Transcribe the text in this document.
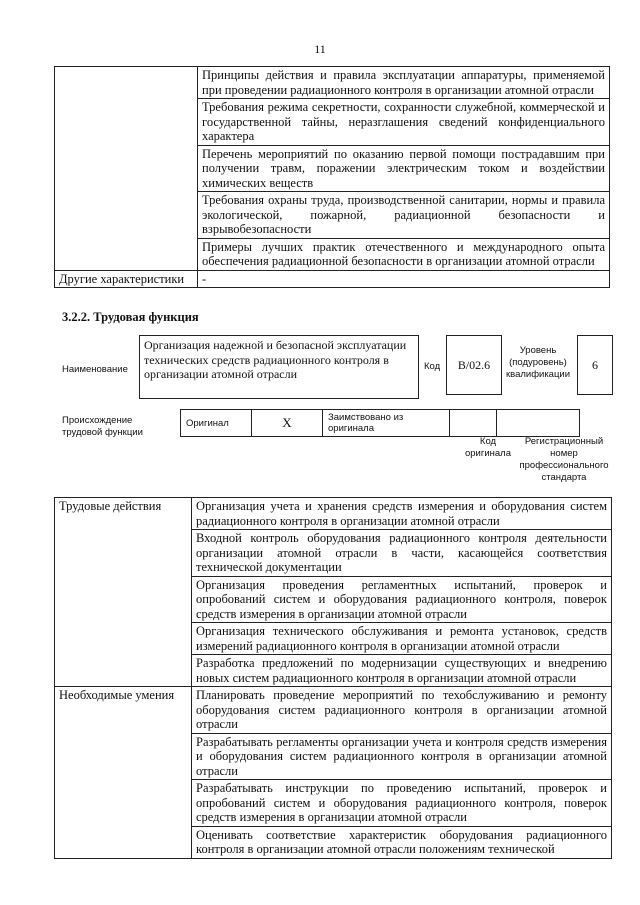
11
	Принципы действия и правила эксплуатации аппаратуры, применяемой при проведении радиационного контроля в организации атомной отрасли
	Требования режима секретности, сохранности служебной, коммерческой и государственной тайны, неразглашения сведений конфиденциального характера
	Перечень мероприятий по оказанию первой помощи пострадавшим при получении травм, поражении электрическим током и воздействии химических веществ
	Требования охраны труда, производственной санитарии, нормы и правила экологической, пожарной, радиационной безопасности и взрывобезопасности
	Примеры лучших практик отечественного и международного опыта обеспечения радиационной безопасности в организации атомной отрасли
Другие характеристики	-
3.2.2. Трудовая функция
Наименование
Организация надежной и безопасной эксплуатации технических средств радиационного контроля в организации атомной отрасли
Код B/02.6
Уровень (подуровень) квалификации
6
Происхождение трудовой функции
Оригинал	X	Заимствовано из оригинала		
Код оригинала
Регистрационный номер профессионального стандарта
Трудовые действия	Организация учета и хранения средств измерения и оборудования систем радиационного контроля в организации атомной отрасли
	Входной контроль оборудования радиационного контроля деятельности организации атомной отрасли в части, касающейся соответствия технической документации
	Организация проведения регламентных испытаний, проверок и опробований систем и оборудования радиационного контроля, поверок средств измерения в организации атомной отрасли
	Организация технического обслуживания и ремонта установок, средств измерений радиационного контроля в организации атомной отрасли
	Разработка предложений по модернизации существующих и внедрению новых систем радиационного контроля в организации атомной отрасли
Необходимые умения	Планировать проведение мероприятий по техобслуживанию и ремонту оборудования систем радиационного контроля в организации атомной отрасли
	Разрабатывать регламенты организации учета и контроля средств измерения и оборудования систем радиационного контроля в организации атомной отрасли
	Разрабатывать инструкции по проведению испытаний, проверок и опробований систем и оборудования радиационного контроля, поверок средств измерения в организации атомной отрасли
	Оценивать соответствие характеристик оборудования радиационного контроля в организации атомной отрасли положениям технической
